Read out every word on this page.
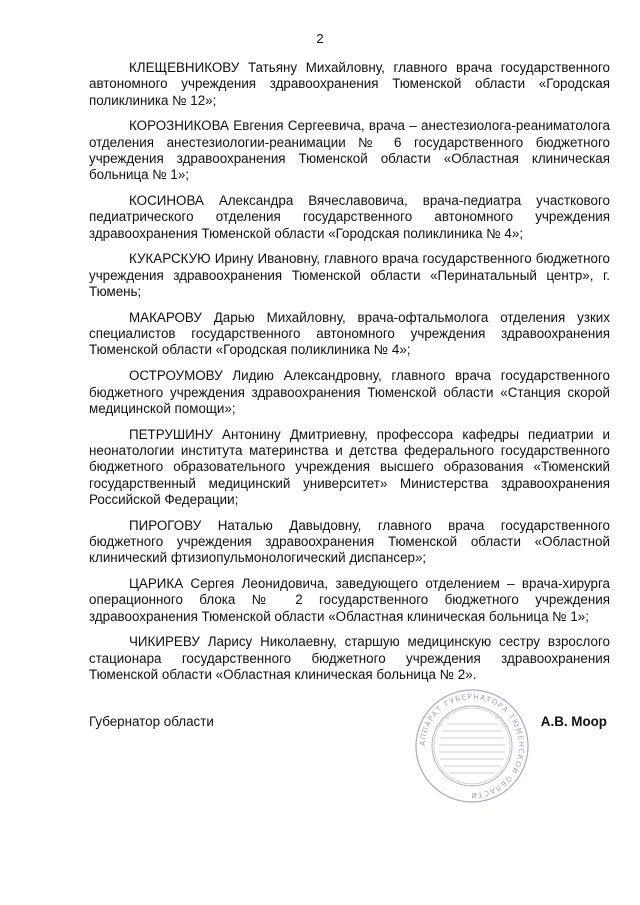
2

КЛЕЩЕВНИКОВУ Татьяну Михайловну, главного врача государственного автономного учреждения здравоохранения Тюменской области «Городская поликлиника № 12»;

КОРОЗНИКОВА Евгения Сергеевича, врача – анестезиолога-реаниматолога отделения анестезиологии-реанимации № 6 государственного бюджетного учреждения здравоохранения Тюменской области «Областная клиническая больница № 1»;

КОСИНОВА Александра Вячеславовича, врача-педиатра участкового педиатрического отделения государственного автономного учреждения здравоохранения Тюменской области «Городская поликлиника № 4»;

КУКАРСКУЮ Ирину Ивановну, главного врача государственного бюджетного учреждения здравоохранения Тюменской области «Перинатальный центр», г. Тюмень;

МАКАРОВУ Дарью Михайловну, врача-офтальмолога отделения узких специалистов государственного автономного учреждения здравоохранения Тюменской области «Городская поликлиника № 4»;

ОСТРОУМОВУ Лидию Александровну, главного врача государственного бюджетного учреждения здравоохранения Тюменской области «Станция скорой медицинской помощи»;

ПЕТРУШИНУ Антонину Дмитриевну, профессора кафедры педиатрии и неонатологии института материнства и детства федерального государственного бюджетного образовательного учреждения высшего образования «Тюменский государственный медицинский университет» Министерства здравоохранения Российской Федерации;

ПИРОГОВУ Наталью Давыдовну, главного врача государственного бюджетного учреждения здравоохранения Тюменской области «Областной клинический фтизиопульмонологический диспансер»;

ЦАРИКА Сергея Леонидовича, заведующего отделением – врача-хирурга операционного блока № 2 государственного бюджетного учреждения здравоохранения Тюменской области «Областная клиническая больница № 1»;

ЧИКИРЕВУ Ларису Николаевну, старшую медицинскую сестру взрослого стационара государственного бюджетного учреждения здравоохранения Тюменской области «Областная клиническая больница № 2».

Губернатор области
АППАРАТ ГУБЕРНАТОРА ТЮМЕНСКОЙ ОБЛАСТИ
А.В. Моор
